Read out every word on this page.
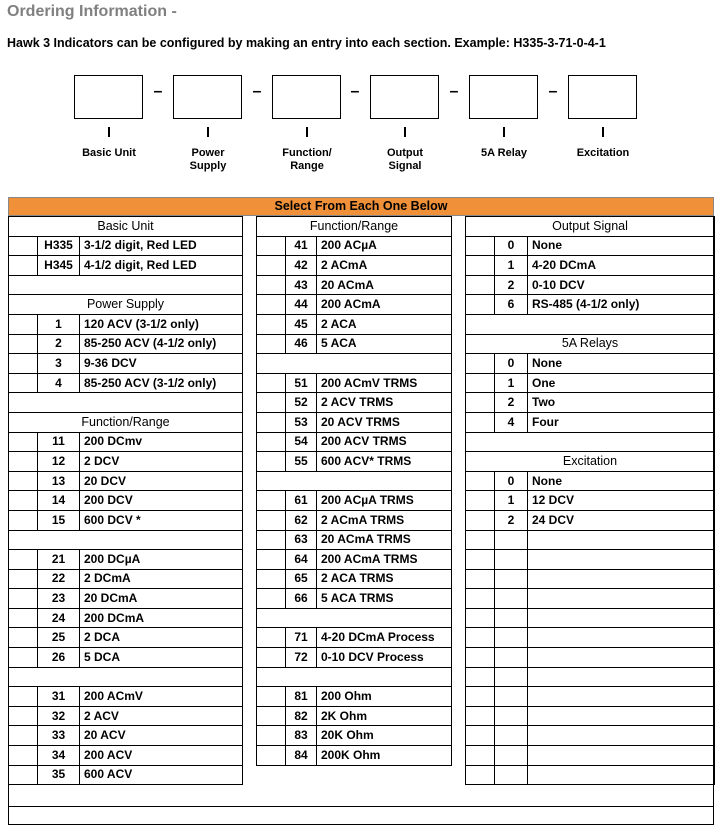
Ordering Information -
Hawk 3 Indicators can be configured by making an entry into each section. Example: H335-3-71-0-4-1
–	–	–	–	–
Basic Unit	Power
Supply
Function/
Range
Output
Signal
5A Relay	Excitation
Select From Each One Below
Basic Unit		
	H335	3-1/2 digit, Red LED
	H345	4-1/2 digit, Red LED

Power Supply		
	1	120 ACV (3-1/2 only)
	2	85-250 ACV (4-1/2 only)
	3	9-36 DCV
	4	85-250 ACV (3-1/2 only)

Function/Range		
	11	200 DCmv
	12	2 DCV
	13	20 DCV
	14	200 DCV
	15	600 DCV *

	21	200 DCµA
	22	2 DCmA
	23	20 DCmA
	24	200 DCmA
	25	2 DCA
	26	5 DCA

	31	200 ACmV
	32	2 ACV
	33	20 ACV
	34	200 ACV
	35	600 ACV
Function/Range		
	41	200 ACµA
	42	2 ACmA
	43	20 ACmA
	44	200 ACmA
	45	2 ACA
	46	5 ACA

	51	200 ACmV TRMS
	52	2 ACV TRMS
	53	20 ACV TRMS
	54	200 ACV TRMS
	55	600 ACV* TRMS

	61	200 ACµA TRMS
	62	2 ACmA TRMS
	63	20 ACmA TRMS
	64	200 ACmA TRMS
	65	2 ACA TRMS
	66	5 ACA TRMS

	71	4-20 DCmA Process
	72	0-10 DCV Process

	81	200 Ohm
	82	2K Ohm
	83	20K Ohm
	84	200K Ohm
Output Signal		
	0	None
	1	4-20 DCmA
	2	0-10 DCV
	6	RS-485 (4-1/2 only)

5A Relays		
	0	None
	1	One
	2	Two
	4	Four

Excitation		
	0	None
	1	12 DCV
	2	24 DCV
